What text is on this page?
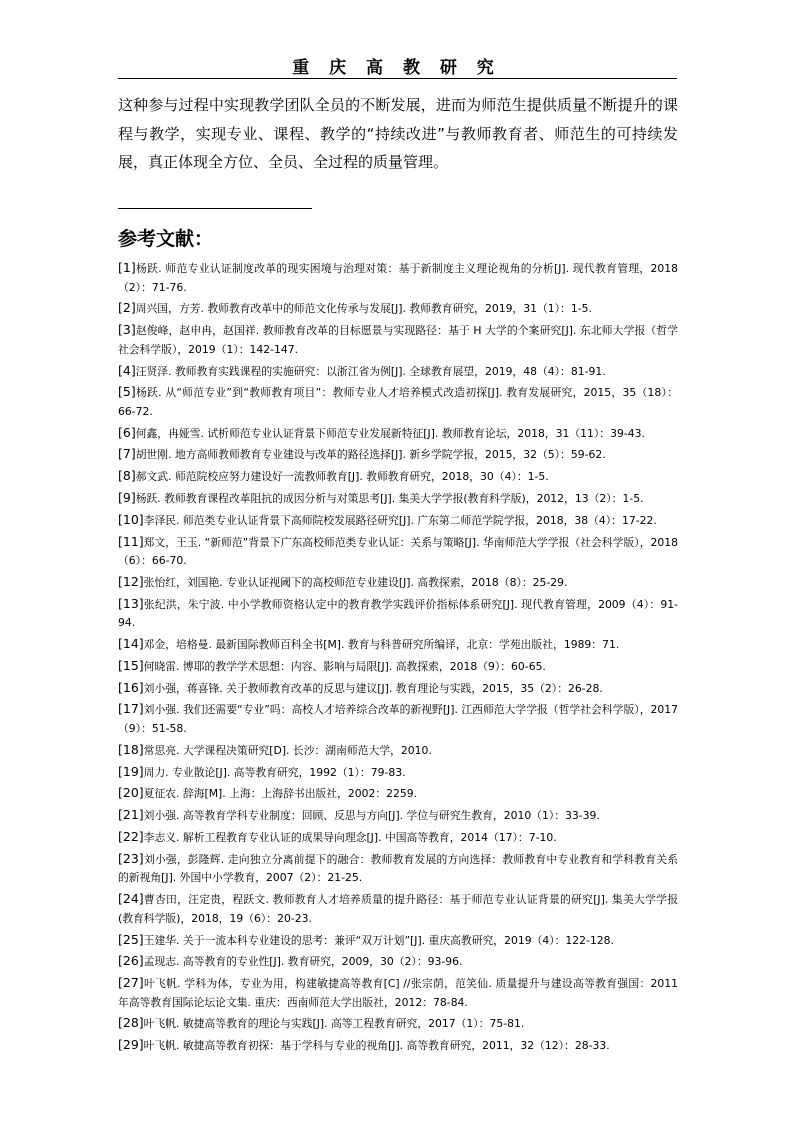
重 庆 高 教 研 究
这种参与过程中实现教学团队全员的不断发展，进而为师范生提供质量不断提升的课程与教学，实现专业、课程、教学的“持续改进”与教师教育者、师范生的可持续发展，真正体现全方位、全员、全过程的质量管理。
参考文献：
[1]杨跃. 师范专业认证制度改革的现实困境与治理对策：基于新制度主义理论视角的分析[J]. 现代教育管理，2018（2）：71-76.
[2]周兴国，方芳. 教师教育改革中的师范文化传承与发展[J]. 教师教育研究，2019，31（1）：1-5.
[3]赵俊峰，赵申冉，赵国祥. 教师教育改革的目标愿景与实现路径：基于 H 大学的个案研究[J]. 东北师大学报（哲学社会科学版），2019（1）：142-147.
[4]汪贤泽. 教师教育实践课程的实施研究：以浙江省为例[J]. 全球教育展望，2019，48（4）：81-91.
[5]杨跃. 从“师范专业”到“教师教育项目”：教师专业人才培养模式改造初探[J]. 教育发展研究，2015，35（18）：66-72.
[6]何鑫，冉娅雪. 试析师范专业认证背景下师范专业发展新特征[J]. 教师教育论坛，2018，31（11）：39-43.
[7]胡世刚. 地方高师教师教育专业建设与改革的路径选择[J]. 新乡学院学报，2015，32（5）：59-62.
[8]郝文武. 师范院校应努力建设好一流教师教育[J]. 教师教育研究，2018，30（4）：1-5.
[9]杨跃. 教师教育课程改革阻抗的成因分析与对策思考[J]. 集美大学学报(教育科学版)，2012，13（2）：1-5.
[10]李泽民. 师范类专业认证背景下高师院校发展路径研究[J]. 广东第二师范学院学报，2018，38（4）：17-22.
[11]郑文，王玉. “新师范”背景下广东高校师范类专业认证：关系与策略[J]. 华南师范大学学报（社会科学版），2018（6）：66-70.
[12]张怡红，刘国艳. 专业认证视阈下的高校师范专业建设[J]. 高教探索，2018（8）：25-29.
[13]张纪洪，朱宁波. 中小学教师资格认定中的教育教学实践评价指标体系研究[J]. 现代教育管理，2009（4）：91-94.
[14]邓金，培格曼. 最新国际教师百科全书[M]. 教育与科普研究所编译，北京：学苑出版社，1989：71.
[15]何晓雷. 博耶的教学学术思想：内容、影响与局限[J]. 高教探索，2018（9）：60-65.
[16]刘小强，蒋喜锋. 关于教师教育改革的反思与建议[J]. 教育理论与实践，2015，35（2）：26-28.
[17]刘小强. 我们还需要“专业”吗：高校人才培养综合改革的新视野[J]. 江西师范大学学报（哲学社会科学版），2017（9）：51-58.
[18]常思亮. 大学课程决策研究[D]. 长沙：湖南师范大学，2010.
[19]周力. 专业散论[J]. 高等教育研究，1992（1）：79-83.
[20]夏征农. 辞海[M]. 上海：上海辞书出版社，2002：2259.
[21]刘小强. 高等教育学科专业制度：回顾、反思与方向[J]. 学位与研究生教育，2010（1）：33-39.
[22]李志义. 解析工程教育专业认证的成果导向理念[J]. 中国高等教育，2014（17）：7-10.
[23]刘小强，彭隆辉. 走向独立分离前提下的融合：教师教育发展的方向选择：教师教育中专业教育和学科教育关系的新视角[J]. 外国中小学教育，2007（2）：21-25.
[24]曹杏田，汪定贵，程跃文. 教师教育人才培养质量的提升路径：基于师范专业认证背景的研究[J]. 集美大学学报(教育科学版)，2018，19（6）：20-23.
[25]王建华. 关于一流本科专业建设的思考：兼评“双万计划”[J]. 重庆高教研究，2019（4）：122-128.
[26]孟现志. 高等教育的专业性[J]. 教育研究，2009，30（2）：93-96.
[27]叶飞帆. 学科为体，专业为用，构建敏捷高等教育[C] //张宗荫，范笑仙. 质量提升与建设高等教育强国：2011 年高等教育国际论坛论文集. 重庆：西南师范大学出版社，2012：78-84.
[28]叶飞帆. 敏捷高等教育的理论与实践[J]. 高等工程教育研究，2017（1）：75-81.
[29]叶飞帆. 敏捷高等教育初探：基于学科与专业的视角[J]. 高等教育研究，2011，32（12）：28-33.
